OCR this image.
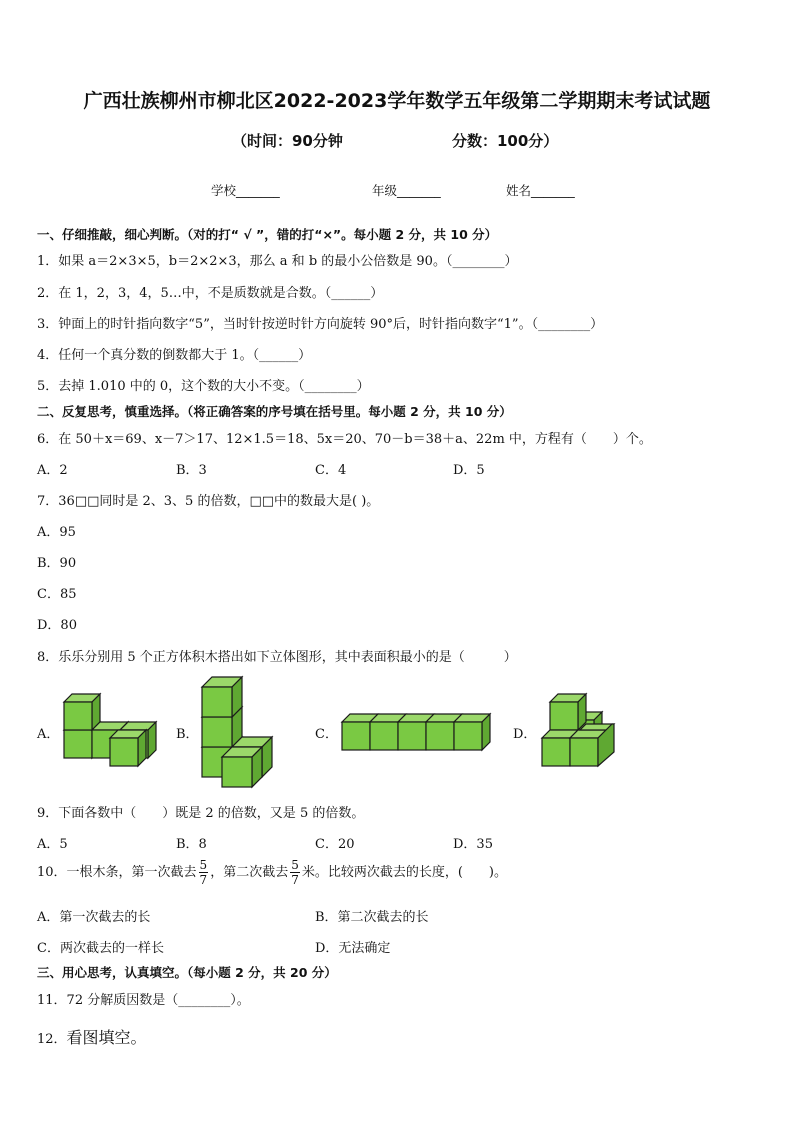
广西壮族柳州市柳北区2022-2023学年数学五年级第二学期期末考试试题
（时间：90分钟	分数：100分）
学校_______	年级_______	姓名_______
一、仔细推敲，细心判断。（对的打“ √ ”，错的打“×”。每小题 2 分，共 10 分）
1．如果 a＝2×3×5，b＝2×2×3，那么 a 和 b 的最小公倍数是 90。（________）
2．在 1，2，3，4，5…中，不是质数就是合数。（______）
3．钟面上的时针指向数字“5”，当时针按逆时针方向旋转 90°后，时针指向数字“1”。（________）
4．任何一个真分数的倒数都大于 1。（______）
5．去掉 1.010 中的 0，这个数的大小不变。（________）
二、反复思考，慎重选择。（将正确答案的序号填在括号里。每小题 2 分，共 10 分）
6．在 50＋x＝69、x－7＞17、12×1.5＝18、5x＝20、70－b＝38＋a、22m 中，方程有（　　）个。
A．2	B．3	C．4	D．5
7．36□□同时是 2、3、5 的倍数，□□中的数最大是( )。
A．95
B．90
C．85
D．80
8．乐乐分别用 5 个正方体积木搭出如下立体图形，其中表面积最小的是（　　　）
A．	B．	C．	D．
9．下面各数中（　　）既是 2 的倍数，又是 5 的倍数。
A．5	B．8	C．20	D．35
10．一根木条，第一次截去 $\frac{5}{7}$ ，第二次截去 $\frac{5}{7}$ 米。比较两次截去的长度，(　　)。
A．第一次截去的长	B．第二次截去的长
C．两次截去的一样长	D．无法确定
三、用心思考，认真填空。（每小题 2 分，共 20 分）
11．72 分解质因数是（________）。
12．看图填空。
